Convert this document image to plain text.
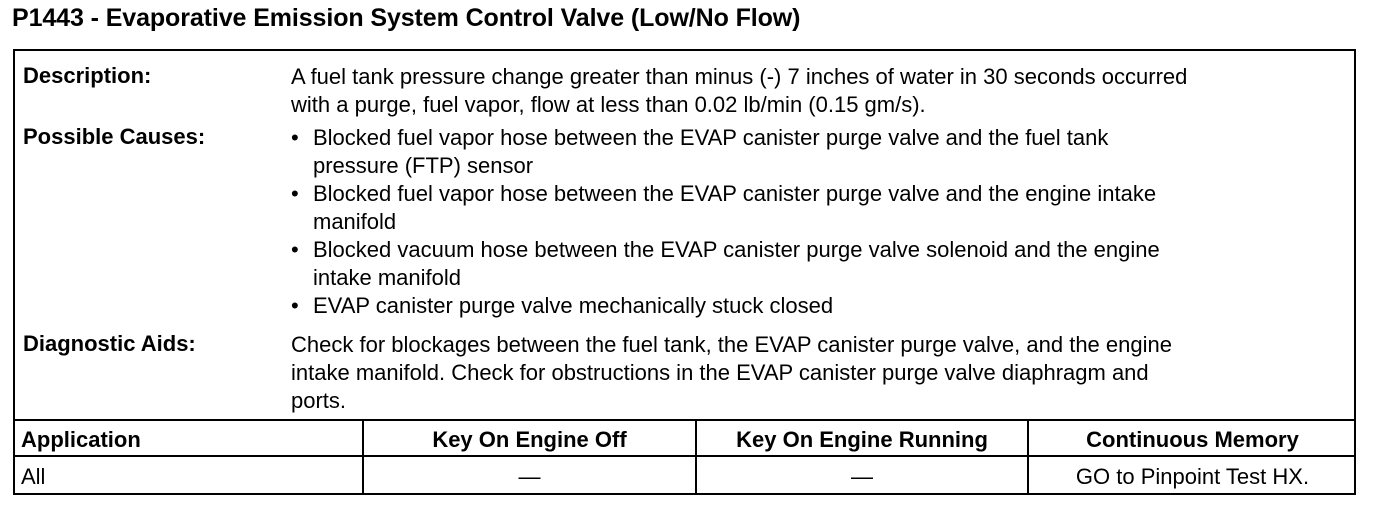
P1443 - Evaporative Emission System Control Valve (Low/No Flow)
Description:	A fuel tank pressure change greater than minus (-) 7 inches of water in 30 seconds occurred
with a purge, fuel vapor, flow at less than 0.02 lb/min (0.15 gm/s).
Possible Causes:	• Blocked fuel vapor hose between the EVAP canister purge valve and the fuel tank
pressure (FTP) sensor
• Blocked fuel vapor hose between the EVAP canister purge valve and the engine intake
manifold
• Blocked vacuum hose between the EVAP canister purge valve solenoid and the engine
intake manifold
• EVAP canister purge valve mechanically stuck closed
Diagnostic Aids:	Check for blockages between the fuel tank, the EVAP canister purge valve, and the engine
intake manifold. Check for obstructions in the EVAP canister purge valve diaphragm and
ports.
Application	Key On Engine Off	Key On Engine Running	Continuous Memory
All	—	—	GO to Pinpoint Test HX.
